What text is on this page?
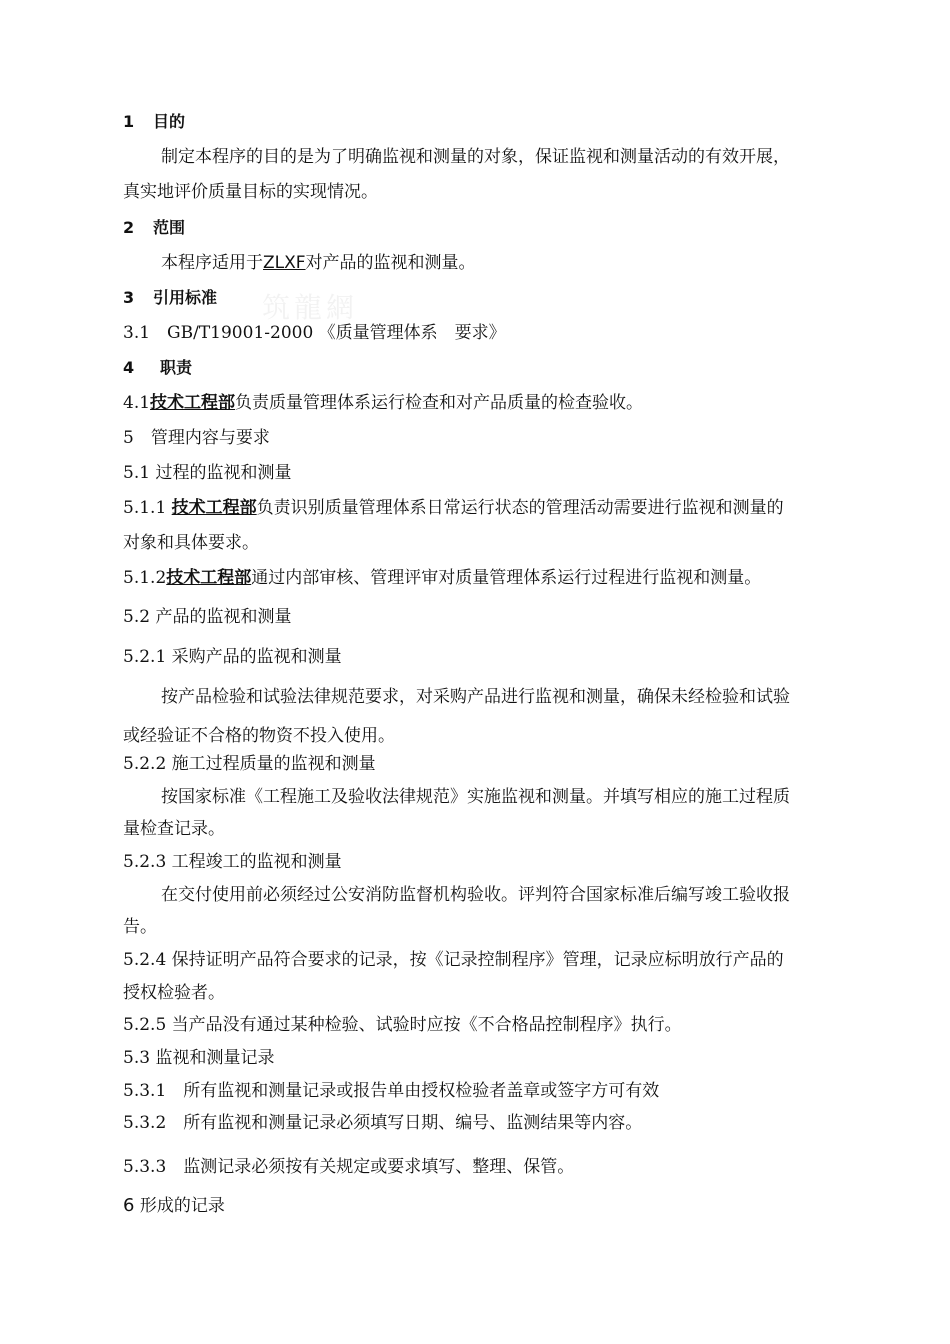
筑龍網
1 目的
制定本程序的目的是为了明确监视和测量的对象，保证监视和测量活动的有效开展，
真实地评价质量目标的实现情况。
2 范围
本程序适用于ZLXF对产品的监视和测量。
3 引用标准
3.1　GB/T19001-2000 《质量管理体系　要求》
4 职责
4.1技术工程部负责质量管理体系运行检查和对产品质量的检查验收。
5　管理内容与要求
5.1 过程的监视和测量
5.1.1 技术工程部负责识别质量管理体系日常运行状态的管理活动需要进行监视和测量的
对象和具体要求。
5.1.2技术工程部通过内部审核、管理评审对质量管理体系运行过程进行监视和测量。
5.2 产品的监视和测量
5.2.1 采购产品的监视和测量
按产品检验和试验法律规范要求，对采购产品进行监视和测量，确保未经检验和试验
或经验证不合格的物资不投入使用。
5.2.2 施工过程质量的监视和测量
按国家标准《工程施工及验收法律规范》实施监视和测量。并填写相应的施工过程质
量检查记录。
5.2.3 工程竣工的监视和测量
在交付使用前必须经过公安消防监督机构验收。评判符合国家标准后编写竣工验收报
告。
5.2.4 保持证明产品符合要求的记录，按《记录控制程序》管理，记录应标明放行产品的
授权检验者。
5.2.5 当产品没有通过某种检验、试验时应按《不合格品控制程序》执行。
5.3 监视和测量记录
5.3.1　所有监视和测量记录或报告单由授权检验者盖章或签字方可有效
5.3.2　所有监视和测量记录必须填写日期、编号、监测结果等内容。
5.3.3　监测记录必须按有关规定或要求填写、整理、保管。
6 形成的记录
